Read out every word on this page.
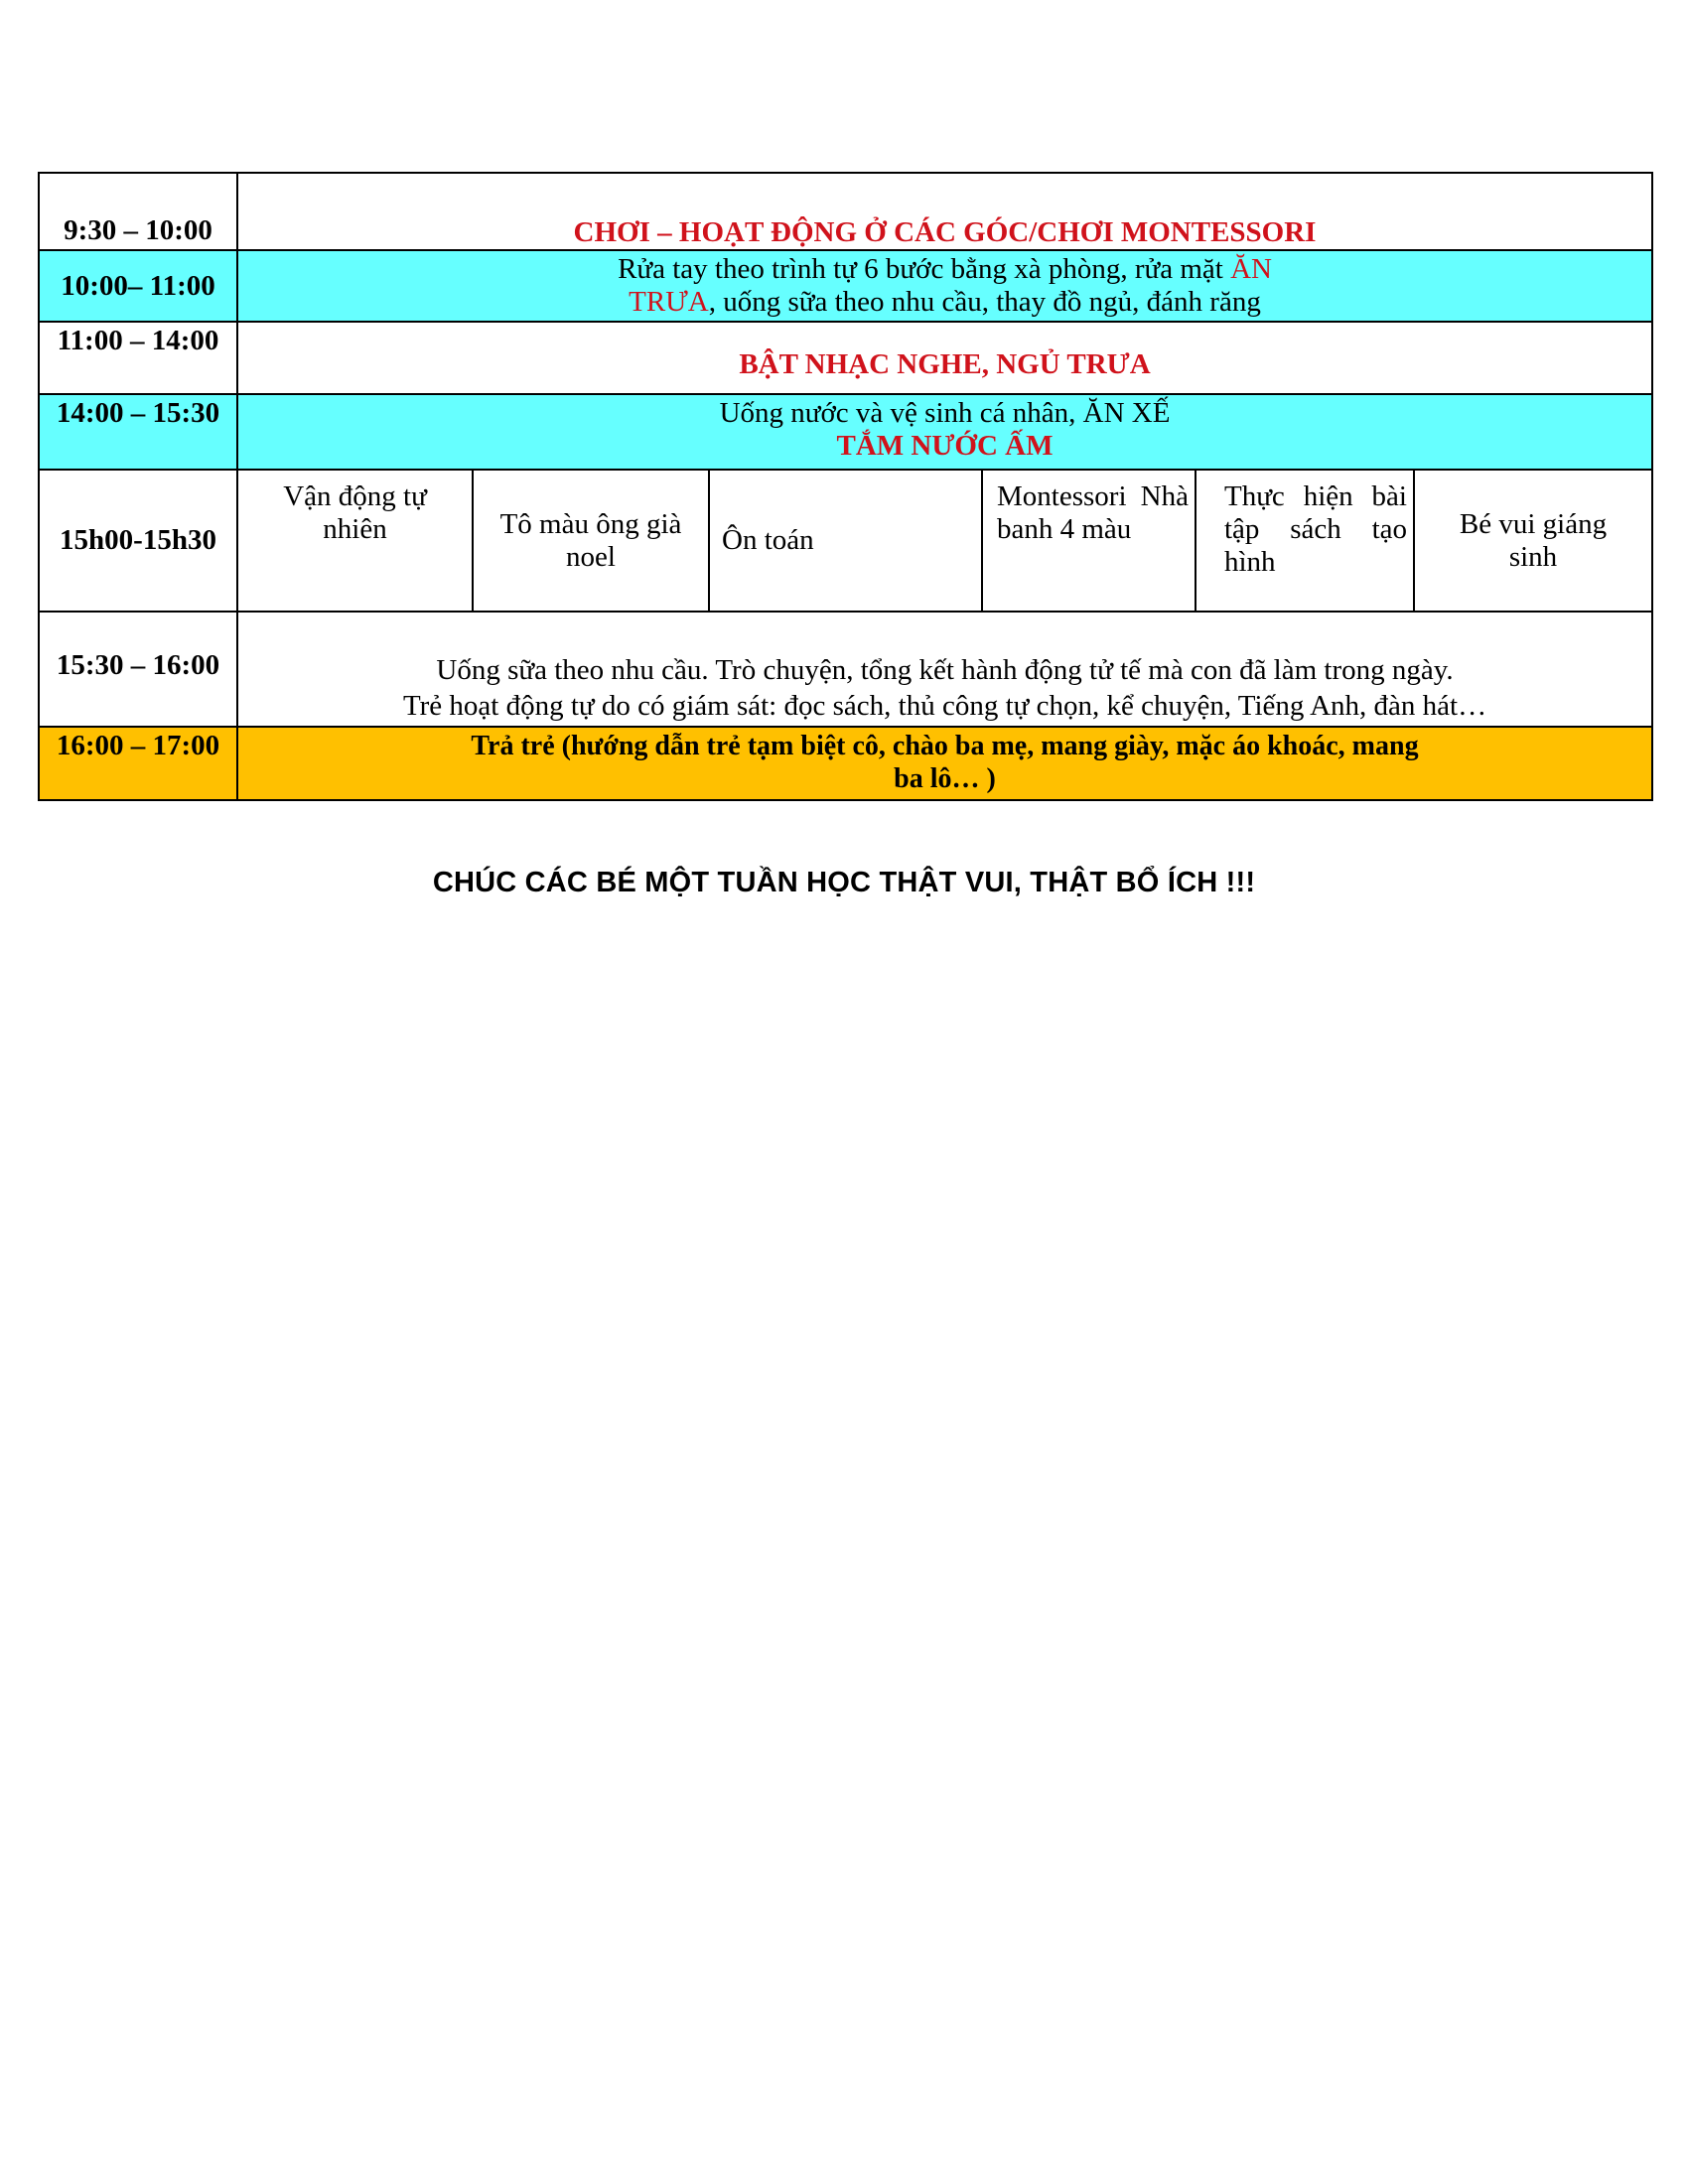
9:30 – 10:00	CHƠI – HOẠT ĐỘNG Ở CÁC GÓC/CHƠI MONTESSORI					
10:00– 11:00	Rửa tay theo trình tự 6 bước bằng xà phòng, rửa mặt ĂN
TRƯA, uống sữa theo nhu cầu, thay đồ ngủ, đánh răng					
11:00 – 14:00	BẬT NHẠC NGHE, NGỦ TRƯA					
14:00 – 15:30	Uống nước và vệ sinh cá nhân, ĂN XẾ
TẮM NƯỚC ẤM					
15h00-15h30	Vận động tự nhiên	Tô màu ông già noel	Ôn toán	Montessori Nhà banh 4 màu	Thực hiện bài tập sách tạo hình	Bé vui giáng sinh
15:30 – 16:00	Uống sữa theo nhu cầu. Trò chuyện, tổng kết hành động tử tế mà con đã làm trong ngày.
Trẻ hoạt động tự do có giám sát: đọc sách, thủ công tự chọn, kể chuyện, Tiếng Anh, đàn hát…					
16:00 – 17:00	Trả trẻ (hướng dẫn trẻ tạm biệt cô, chào ba mẹ, mang giày, mặc áo khoác, mang
ba lô… )					
CHÚC CÁC BÉ MỘT TUẦN HỌC THẬT VUI, THẬT BỔ ÍCH !!!
